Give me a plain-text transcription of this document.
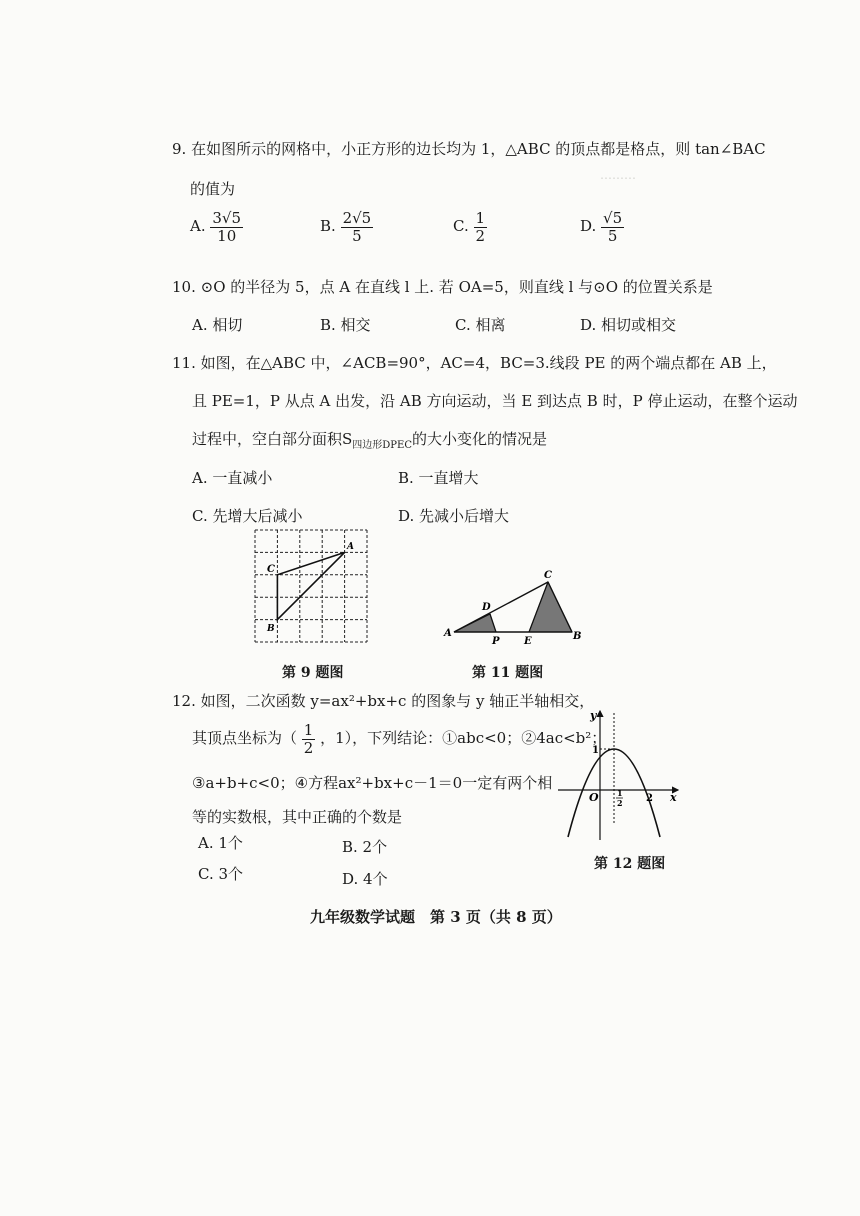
………
9. 在如图所示的网格中，小正方形的边长均为 1，△ABC 的顶点都是格点，则 tan∠BAC
的值为
A. $\frac{3√5}{10}$	B. $\frac{2√5}{5}$	C. $\frac{1}{2}$	D. $\frac{√5}{5}$
10. ⊙O 的半径为 5，点 A 在直线 l 上. 若 OA=5，则直线 l 与⊙O 的位置关系是
A. 相切	B. 相交	C. 相离	D. 相切或相交
11. 如图，在△ABC 中，∠ACB=90°，AC=4，BC=3.线段 PE 的两个端点都在 AB 上，
且 PE=1，P 从点 A 出发，沿 AB 方向运动，当 E 到达点 B 时，P 停止运动，在整个运动
过程中，空白部分面积$S_{四边形DPEC}$的大小变化的情况是
A. 一直减小	B. 一直增大
C. 先增大后减小	D. 先减小后增大
A
C
B
第 9 题图
A	B
C
D
P E
第 11 题图
12. 如图，二次函数 y=ax²+bx+c 的图象与 y 轴正半轴相交，
其顶点坐标为（ $\frac{1}{2}$ ，1），下列结论：①abc<0；②4ac<b²；
③a+b+c<0；④方程ax²+bx+c－1＝0一定有两个相
等的实数根，其中正确的个数是
A. 1个	B. 2个
C. 3个	D. 4个
y
x
O
1
1
2 2
第 12 题图
九年级数学试题　第 3 页（共 8 页）
